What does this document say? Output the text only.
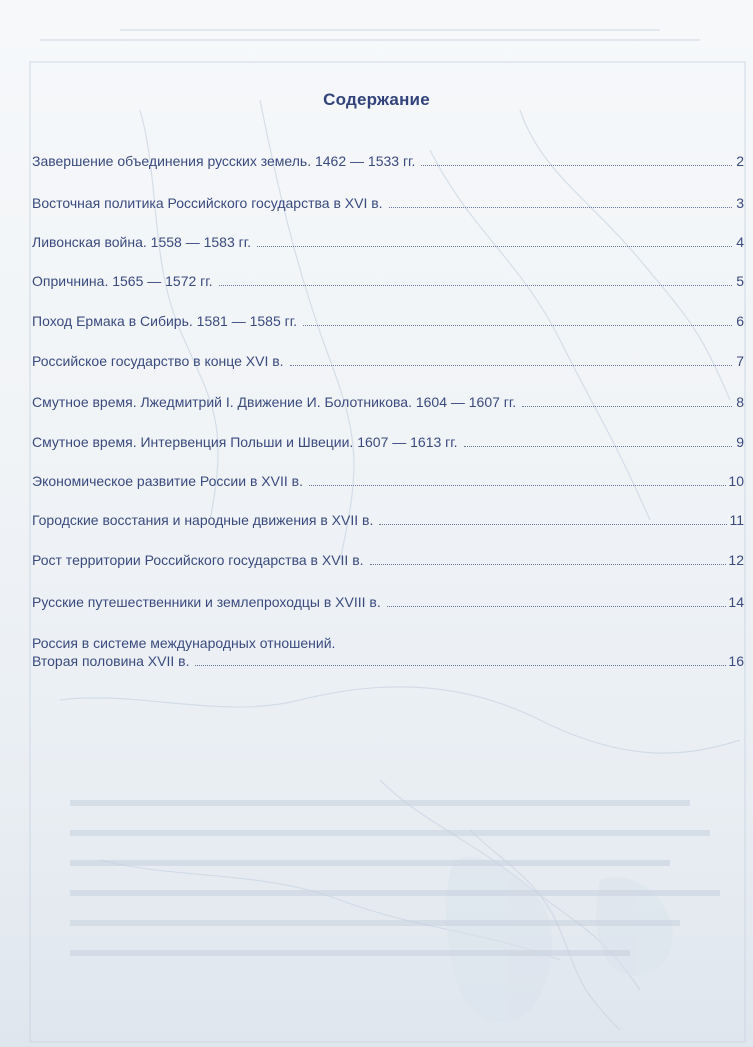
Содержание
Завершение объединения русских земель. 1462 — 1533 гг.	2
Восточная политика Российского государства в XVI в.	3
Ливонская война. 1558 — 1583 гг.	4
Опричнина. 1565 — 1572 гг.	5
Поход Ермака в Сибирь. 1581 — 1585 гг.	6
Российское государство в конце XVI в.	7
Смутное время. Лжедмитрий I. Движение И. Болотникова. 1604 — 1607 гг.	8
Смутное время. Интервенция Польши и Швеции. 1607 — 1613 гг.	9
Экономическое развитие России в XVII в.	10
Городские восстания и народные движения в XVII в.	11
Рост территории Российского государства в XVII в.	12
Русские путешественники и землепроходцы в XVIII в.	14
Россия в системе международных отношений.
Вторая половина XVII в.	16
